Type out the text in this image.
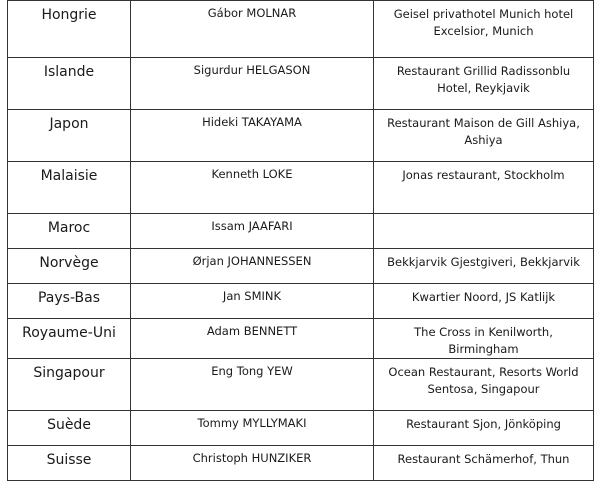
Hongrie	Gábor MOLNAR	Geisel privathotel Munich hotel Excelsior, Munich
Islande	Sigurdur HELGASON	Restaurant Grillid Radissonblu Hotel, Reykjavik
Japon	Hideki TAKAYAMA	Restaurant Maison de Gill Ashiya, Ashiya
Malaisie	Kenneth LOKE	Jonas restaurant, Stockholm
Maroc	Issam JAAFARI	
Norvège	Ørjan JOHANNESSEN	Bekkjarvik Gjestgiveri, Bekkjarvik
Pays-Bas	Jan SMINK	Kwartier Noord, JS Katlijk
Royaume-Uni	Adam BENNETT	The Cross in Kenilworth, Birmingham
Singapour	Eng Tong YEW	Ocean Restaurant, Resorts World Sentosa, Singapour
Suède	Tommy MYLLYMAKI	Restaurant Sjon, Jönköping
Suisse	Christoph HUNZIKER	Restaurant Schämerhof, Thun
